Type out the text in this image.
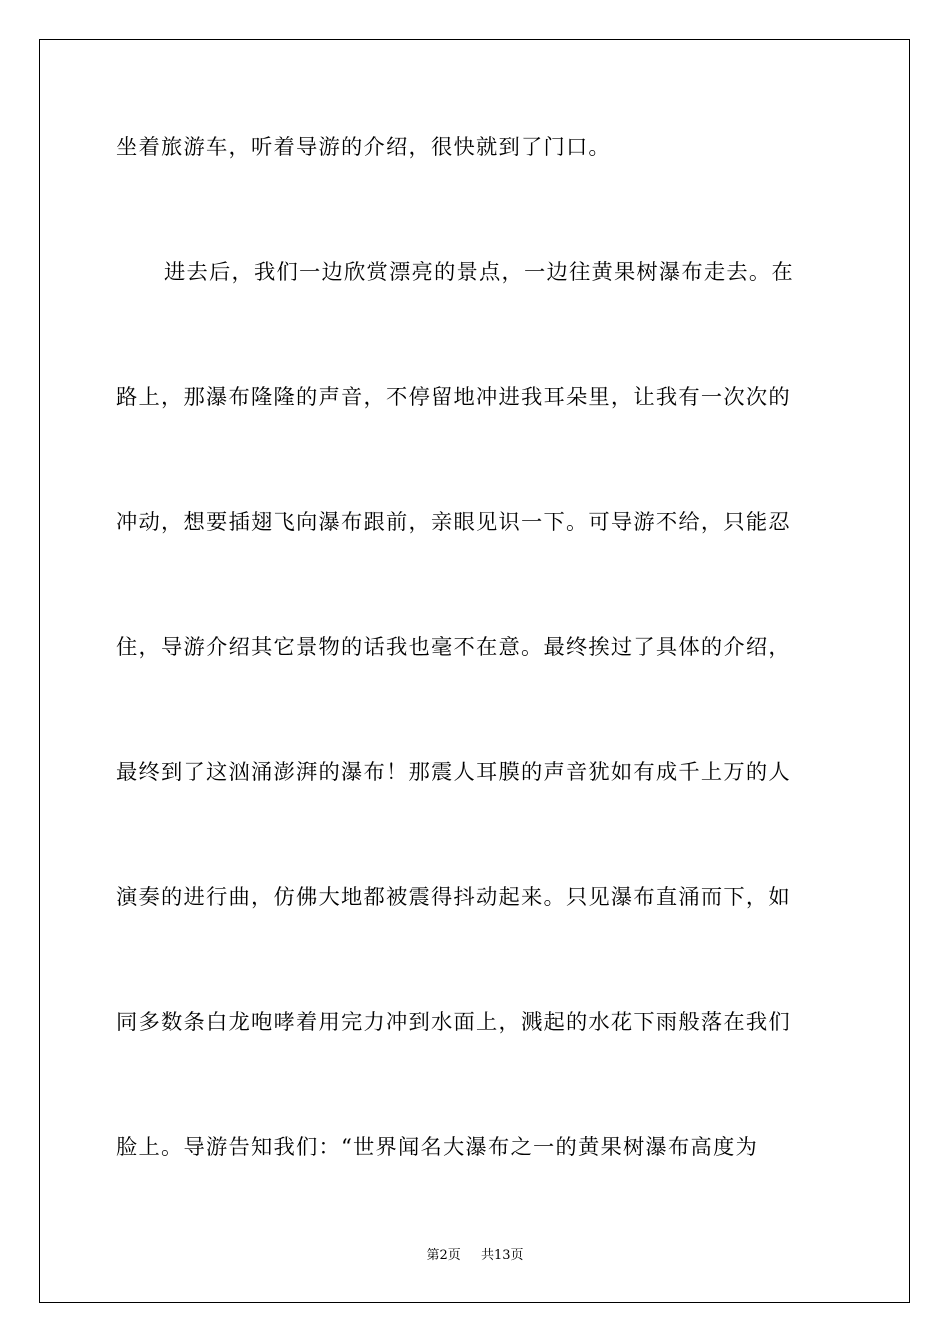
坐着旅游车，听着导游的介绍，很快就到了门口。
进去后，我们一边欣赏漂亮的景点，一边往黄果树瀑布走去。在
路上，那瀑布隆隆的声音，不停留地冲进我耳朵里，让我有一次次的
冲动，想要插翅飞向瀑布跟前，亲眼见识一下。可导游不给，只能忍
住，导游介绍其它景物的话我也毫不在意。最终挨过了具体的介绍，
最终到了这汹涌澎湃的瀑布！那震人耳膜的声音犹如有成千上万的人
演奏的进行曲，仿佛大地都被震得抖动起来。只见瀑布直涌而下，如
同多数条白龙咆哮着用完力冲到水面上，溅起的水花下雨般落在我们
脸上。导游告知我们：“世界闻名大瀑布之一的黄果树瀑布高度为
第2页 共13页
